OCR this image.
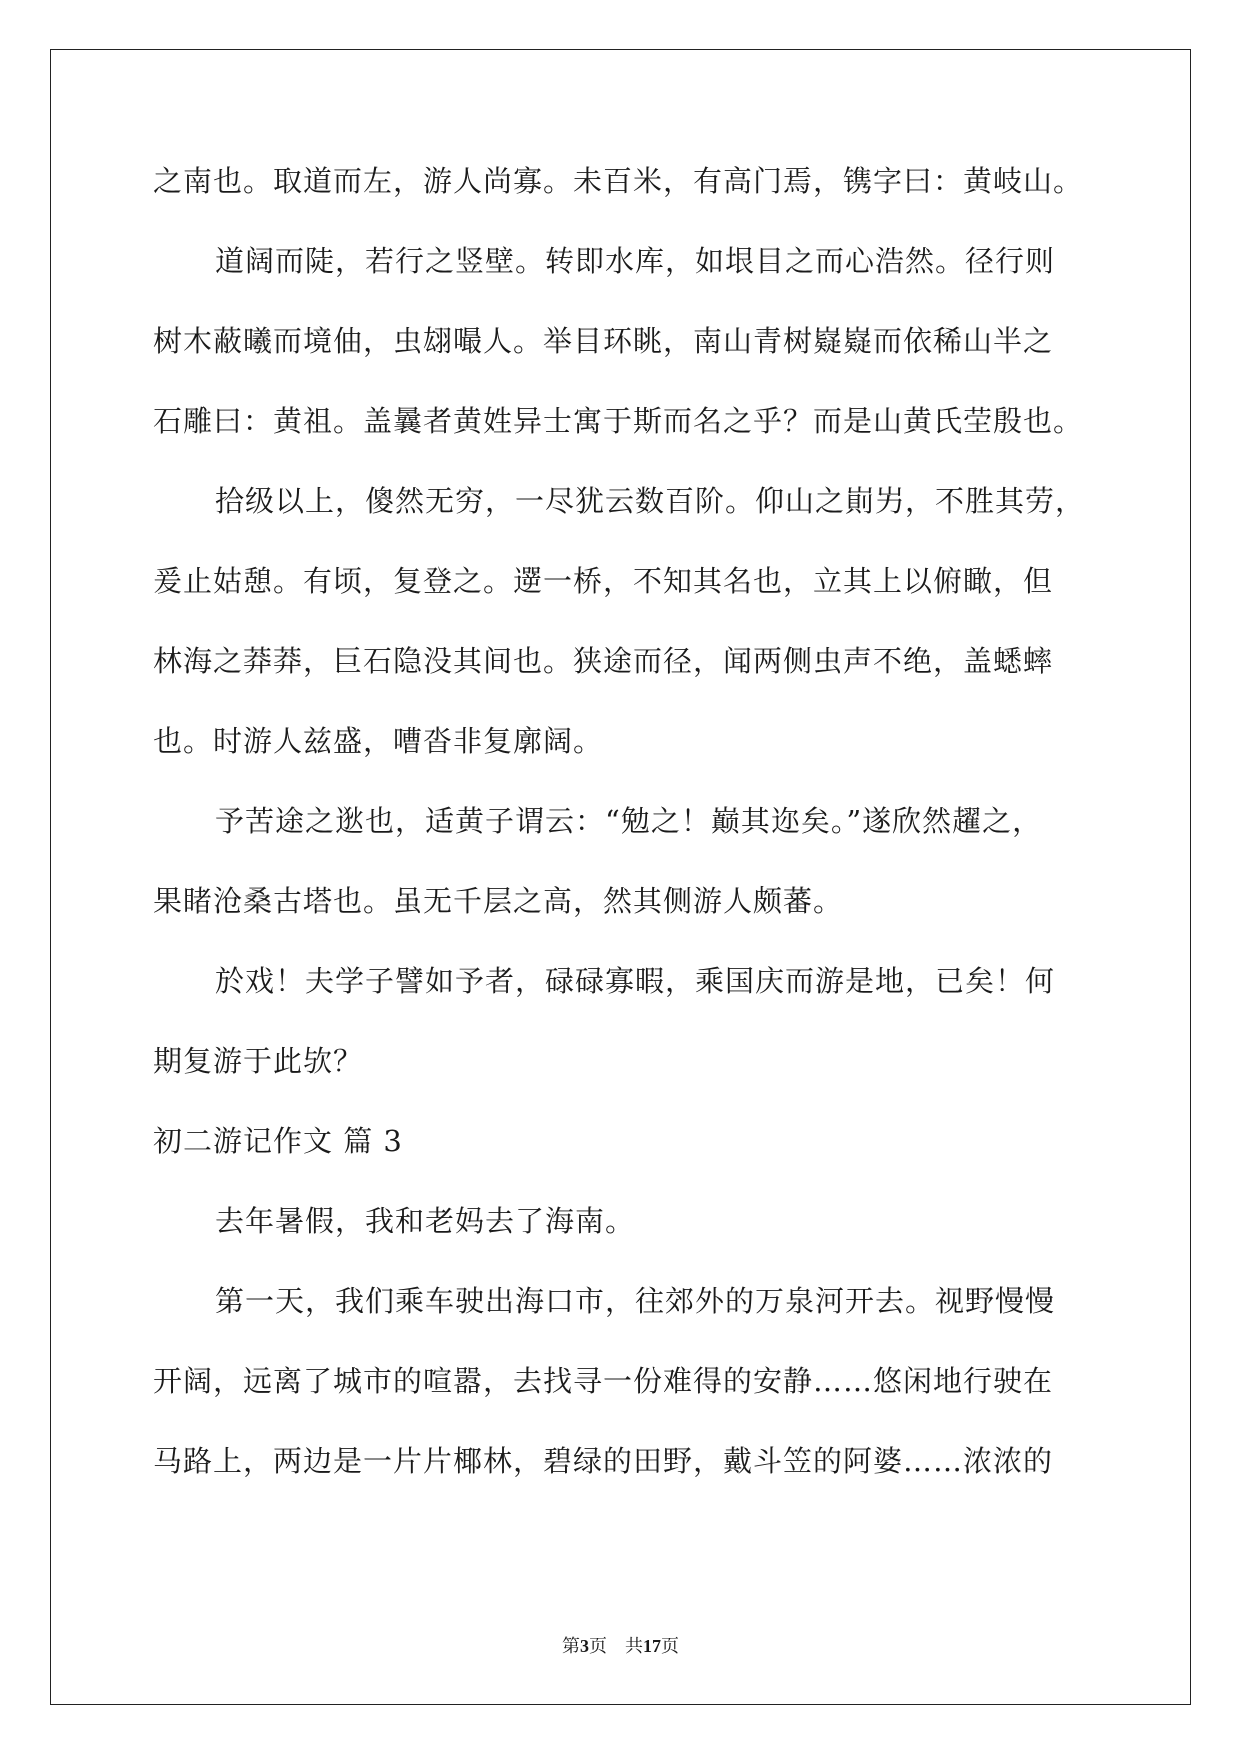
之南也。取道而左，游人尚寡。未百米，有高门焉，镌字曰：黄岐山。
道阔而陡，若行之竖壁。转即水库，如垠目之而心浩然。径行则
树木蔽曦而境伷，虫翃嘬人。举目环眺，南山青树嶷嶷而依稀山半之
石雕曰：黄祖。盖曩者黄姓异士寓于斯而名之乎？而是山黄氏茔殷也。
拾级以上，傻然无穷，一尽犹云数百阶。仰山之崱屴，不胜其劳，
爰止姑憩。有顷，复登之。遻一桥，不知其名也，立其上以俯瞰，但
林海之莽莽，巨石隐没其间也。狭途而径，闻两侧虫声不绝，盖蟋蟀
也。时游人兹盛，嘈沓非复廓阔。
予苦途之逖也，适黄子谓云：“勉之！巅其迩矣。”遂欣然趯之，
果睹沧桑古塔也。虽无千层之高，然其侧游人颇蕃。
於戏！夫学子譬如予者，碌碌寡暇，乘国庆而游是地，已矣！何
期复游于此欤？
初二游记作文 篇 3
去年暑假，我和老妈去了海南。
第一天，我们乘车驶出海口市，往郊外的万泉河开去。视野慢慢
开阔，远离了城市的喧嚣，去找寻一份难得的安静……悠闲地行驶在
马路上，两边是一片片椰林，碧绿的田野，戴斗笠的阿婆……浓浓的
第3页　共17页
